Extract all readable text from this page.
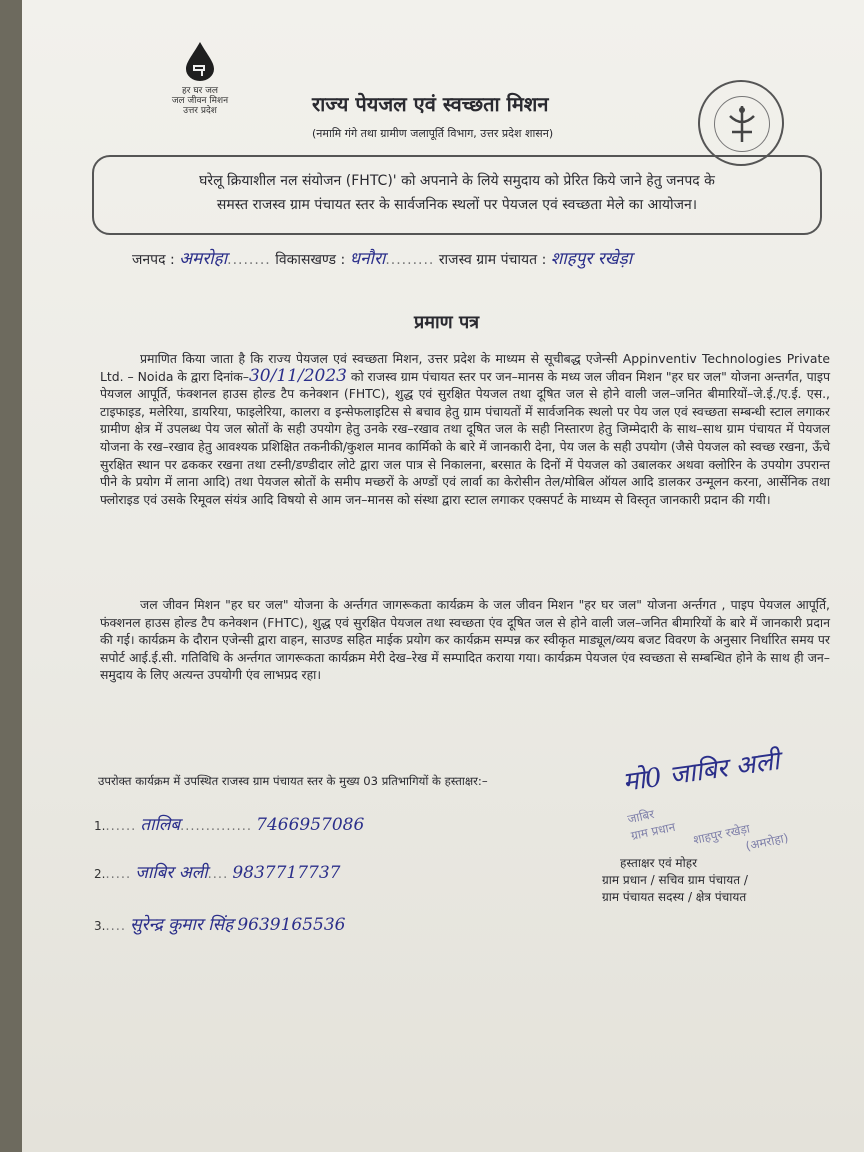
हर घर जल
जल जीवन मिशन
उत्तर प्रदेश	राज्य पेयजल एवं स्वच्छता मिशन
(नमामि गंगे तथा ग्रामीण जलापूर्ति विभाग, उत्तर प्रदेश शासन)
घरेलू क्रियाशील नल संयोजन (FHTC)' को अपनाने के लिये समुदाय को प्रेरित किये जाने हेतु जनपद के
समस्त राजस्व ग्राम पंचायत स्तर के सार्वजनिक स्थलों पर पेयजल एवं स्वच्छता मेले का आयोजन।
जनपद : अमरोहा........ विकासखण्ड : धनौरा......... राजस्व ग्राम पंचायत : शाहपुर रखेड़ा
प्रमाण पत्र
प्रमाणित किया जाता है कि राज्य पेयजल एवं स्वच्छता मिशन, उत्तर प्रदेश के माध्यम से सूचीबद्ध एजेन्सी Appinventiv Technologies Private Ltd. – Noida के द्वारा दिनांक–30/11/2023 को राजस्व ग्राम पंचायत स्तर पर जन–मानस के मध्य जल जीवन मिशन "हर घर जल" योजना अन्तर्गत, पाइप पेयजल आपूर्ति, फंक्शनल हाउस होल्ड टैप कनेक्शन (FHTC), शुद्ध एवं सुरक्षित पेयजल तथा दूषित जल से होने वाली जल–जनित बीमारियों–जे.ई./ए.ई. एस., टाइफाइड, मलेरिया, डायरिया, फाइलेरिया, कालरा व इन्सेफलाइटिस से बचाव हेतु ग्राम पंचायतों में सार्वजनिक स्थलो पर पेय जल एवं स्वच्छता सम्बन्धी स्टाल लगाकर ग्रामीण क्षेत्र में उपलब्ध पेय जल स्रोतों के सही उपयोग हेतु उनके रख–रखाव तथा दूषित जल के सही निस्तारण हेतु जिम्मेदारी के साथ–साथ ग्राम पंचायत में पेयजल योजना के रख–रखाव हेतु आवश्यक प्रशिक्षित तकनीकी/कुशल मानव कार्मिको के बारे में जानकारी देना, पेय जल के सही उपयोग (जैसे पेयजल को स्वच्छ रखना, ऊँचे सुरक्षित स्थान पर ढककर रखना तथा टस्नी/डण्डीदार लोटे द्वारा जल पात्र से निकालना, बरसात के दिनों में पेयजल को उबालकर अथवा क्लोरिन के उपयोग उपरान्त पीने के प्रयोग में लाना आदि) तथा पेयजल स्रोतों के समीप मच्छरों के अण्डों एवं लार्वा का केरोसीन तेल/मोबिल ऑयल आदि डालकर उन्मूलन करना, आर्सेनिक तथा फ्लोराइड एवं उसके रिमूवल संयंत्र आदि विषयो से आम जन–मानस को संस्था द्वारा स्टाल लगाकर एक्सपर्ट के माध्यम से विस्तृत जानकारी प्रदान की गयी।
जल जीवन मिशन "हर घर जल" योजना के अर्न्तगत जागरूकता कार्यक्रम के जल जीवन मिशन "हर घर जल" योजना अर्न्तगत , पाइप पेयजल आपूर्ति, फंक्शनल हाउस होल्ड टैप कनेक्शन (FHTC), शुद्ध एवं सुरक्षित पेयजल तथा स्वच्छता एंव दूषित जल से होने वाली जल–जनित बीमारियों के बारे में जानकारी प्रदान की गई। कार्यक्रम के दौरान एजेन्सी द्वारा वाहन, साउण्ड सहित माईक प्रयोग कर कार्यक्रम सम्पन्न कर स्वीकृत माड्यूल/व्यय बजट विवरण के अनुसार निर्धारित समय पर सपोर्ट आई.ई.सी. गतिविधि के अर्न्तगत जागरूकता कार्यक्रम मेरी देख–रेख में सम्पादित कराया गया। कार्यक्रम पेयजल एंव स्वच्छता से सम्बन्धित होने के साथ ही जन–समुदाय के लिए अत्यन्त उपयोगी एंव लाभप्रद रहा।
उपरोक्त कार्यक्रम में उपस्थित राजस्व ग्राम पंचायत स्तर के मुख्य 03 प्रतिभागियों के हस्ताक्षर:–
1....... तालिब.............. 7466957086
2...... जाबिर अली.... 9837717737
3..... सुरेन्द्र कुमार सिंह 9639165536
मो0 जाबिर अली
जाबिर
ग्राम प्रधान	शाहपुर रखेड़ा
(अमरोहा)
हस्ताक्षर एवं मोहर
ग्राम प्रधान / सचिव ग्राम पंचायत /
ग्राम पंचायत सदस्य / क्षेत्र पंचायत
